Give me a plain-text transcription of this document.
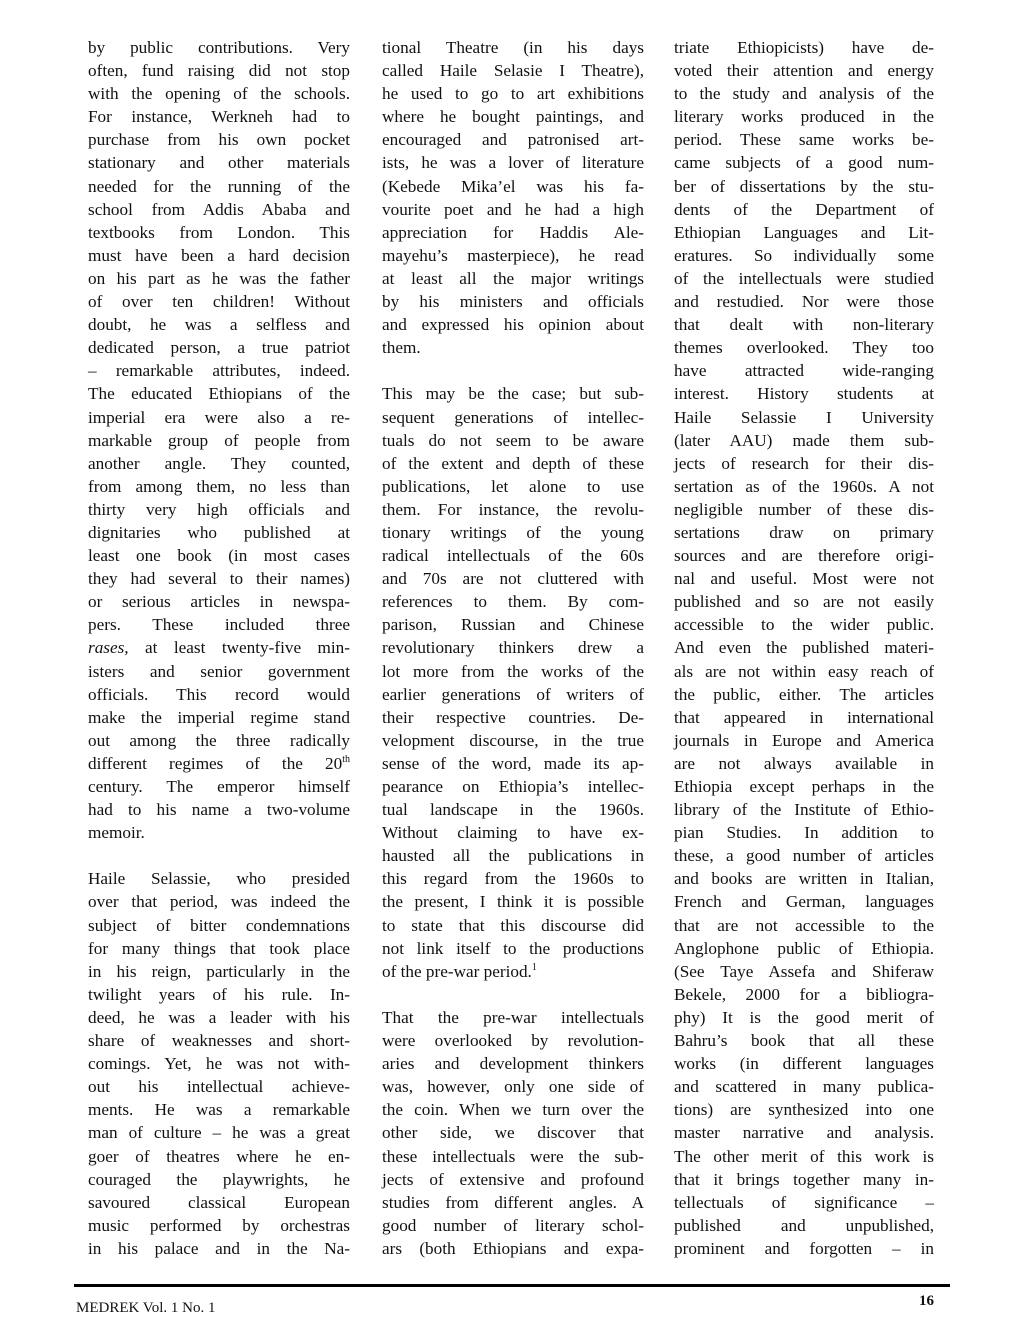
by public contributions. Very
often, fund raising did not stop
with the opening of the schools.
For instance, Werkneh had to
purchase from his own pocket
stationary and other materials
needed for the running of the
school from Addis Ababa and
textbooks from London. This
must have been a hard decision
on his part as he was the father
of over ten children! Without
doubt, he was a selfless and
dedicated person, a true patriot
– remarkable attributes, indeed.
The educated Ethiopians of the
imperial era were also a re-
markable group of people from
another angle. They counted,
from among them, no less than
thirty very high officials and
dignitaries who published at
least one book (in most cases
they had several to their names)
or serious articles in newspa-
pers. These included three
rases, at least twenty-five min-
isters and senior government
officials. This record would
make the imperial regime stand
out among the three radically
different regimes of the 20th
century. The emperor himself
had to his name a two-volume
memoir.
Haile Selassie, who presided
over that period, was indeed the
subject of bitter condemnations
for many things that took place
in his reign, particularly in the
twilight years of his rule. In-
deed, he was a leader with his
share of weaknesses and short-
comings. Yet, he was not with-
out his intellectual achieve-
ments. He was a remarkable
man of culture – he was a great
goer of theatres where he en-
couraged the playwrights, he
savoured classical European
music performed by orchestras
in his palace and in the Na-
tional Theatre (in his days
called Haile Selasie I Theatre),
he used to go to art exhibitions
where he bought paintings, and
encouraged and patronised art-
ists, he was a lover of literature
(Kebede Mika’el was his fa-
vourite poet and he had a high
appreciation for Haddis Ale-
mayehu’s masterpiece), he read
at least all the major writings
by his ministers and officials
and expressed his opinion about
them.
This may be the case; but sub-
sequent generations of intellec-
tuals do not seem to be aware
of the extent and depth of these
publications, let alone to use
them. For instance, the revolu-
tionary writings of the young
radical intellectuals of the 60s
and 70s are not cluttered with
references to them. By com-
parison, Russian and Chinese
revolutionary thinkers drew a
lot more from the works of the
earlier generations of writers of
their respective countries. De-
velopment discourse, in the true
sense of the word, made its ap-
pearance on Ethiopia’s intellec-
tual landscape in the 1960s.
Without claiming to have ex-
hausted all the publications in
this regard from the 1960s to
the present, I think it is possible
to state that this discourse did
not link itself to the productions
of the pre-war period.$^1$
That the pre-war intellectuals
were overlooked by revolution-
aries and development thinkers
was, however, only one side of
the coin. When we turn over the
other side, we discover that
these intellectuals were the sub-
jects of extensive and profound
studies from different angles. A
good number of literary schol-
ars (both Ethiopians and expa-
triate Ethiopicists) have de-
voted their attention and energy
to the study and analysis of the
literary works produced in the
period. These same works be-
came subjects of a good num-
ber of dissertations by the stu-
dents of the Department of
Ethiopian Languages and Lit-
eratures. So individually some
of the intellectuals were studied
and restudied. Nor were those
that dealt with non-literary
themes overlooked. They too
have attracted wide-ranging
interest. History students at
Haile Selassie I University
(later AAU) made them sub-
jects of research for their dis-
sertation as of the 1960s. A not
negligible number of these dis-
sertations draw on primary
sources and are therefore origi-
nal and useful. Most were not
published and so are not easily
accessible to the wider public.
And even the published materi-
als are not within easy reach of
the public, either. The articles
that appeared in international
journals in Europe and America
are not always available in
Ethiopia except perhaps in the
library of the Institute of Ethio-
pian Studies. In addition to
these, a good number of articles
and books are written in Italian,
French and German, languages
that are not accessible to the
Anglophone public of Ethiopia.
(See Taye Assefa and Shiferaw
Bekele, 2000 for a bibliogra-
phy) It is the good merit of
Bahru’s book that all these
works (in different languages
and scattered in many publica-
tions) are synthesized into one
master narrative and analysis.
The other merit of this work is
that it brings together many in-
tellectuals of significance –
published and unpublished,
prominent and forgotten – in
MEDREK Vol. 1 No. 1	16
